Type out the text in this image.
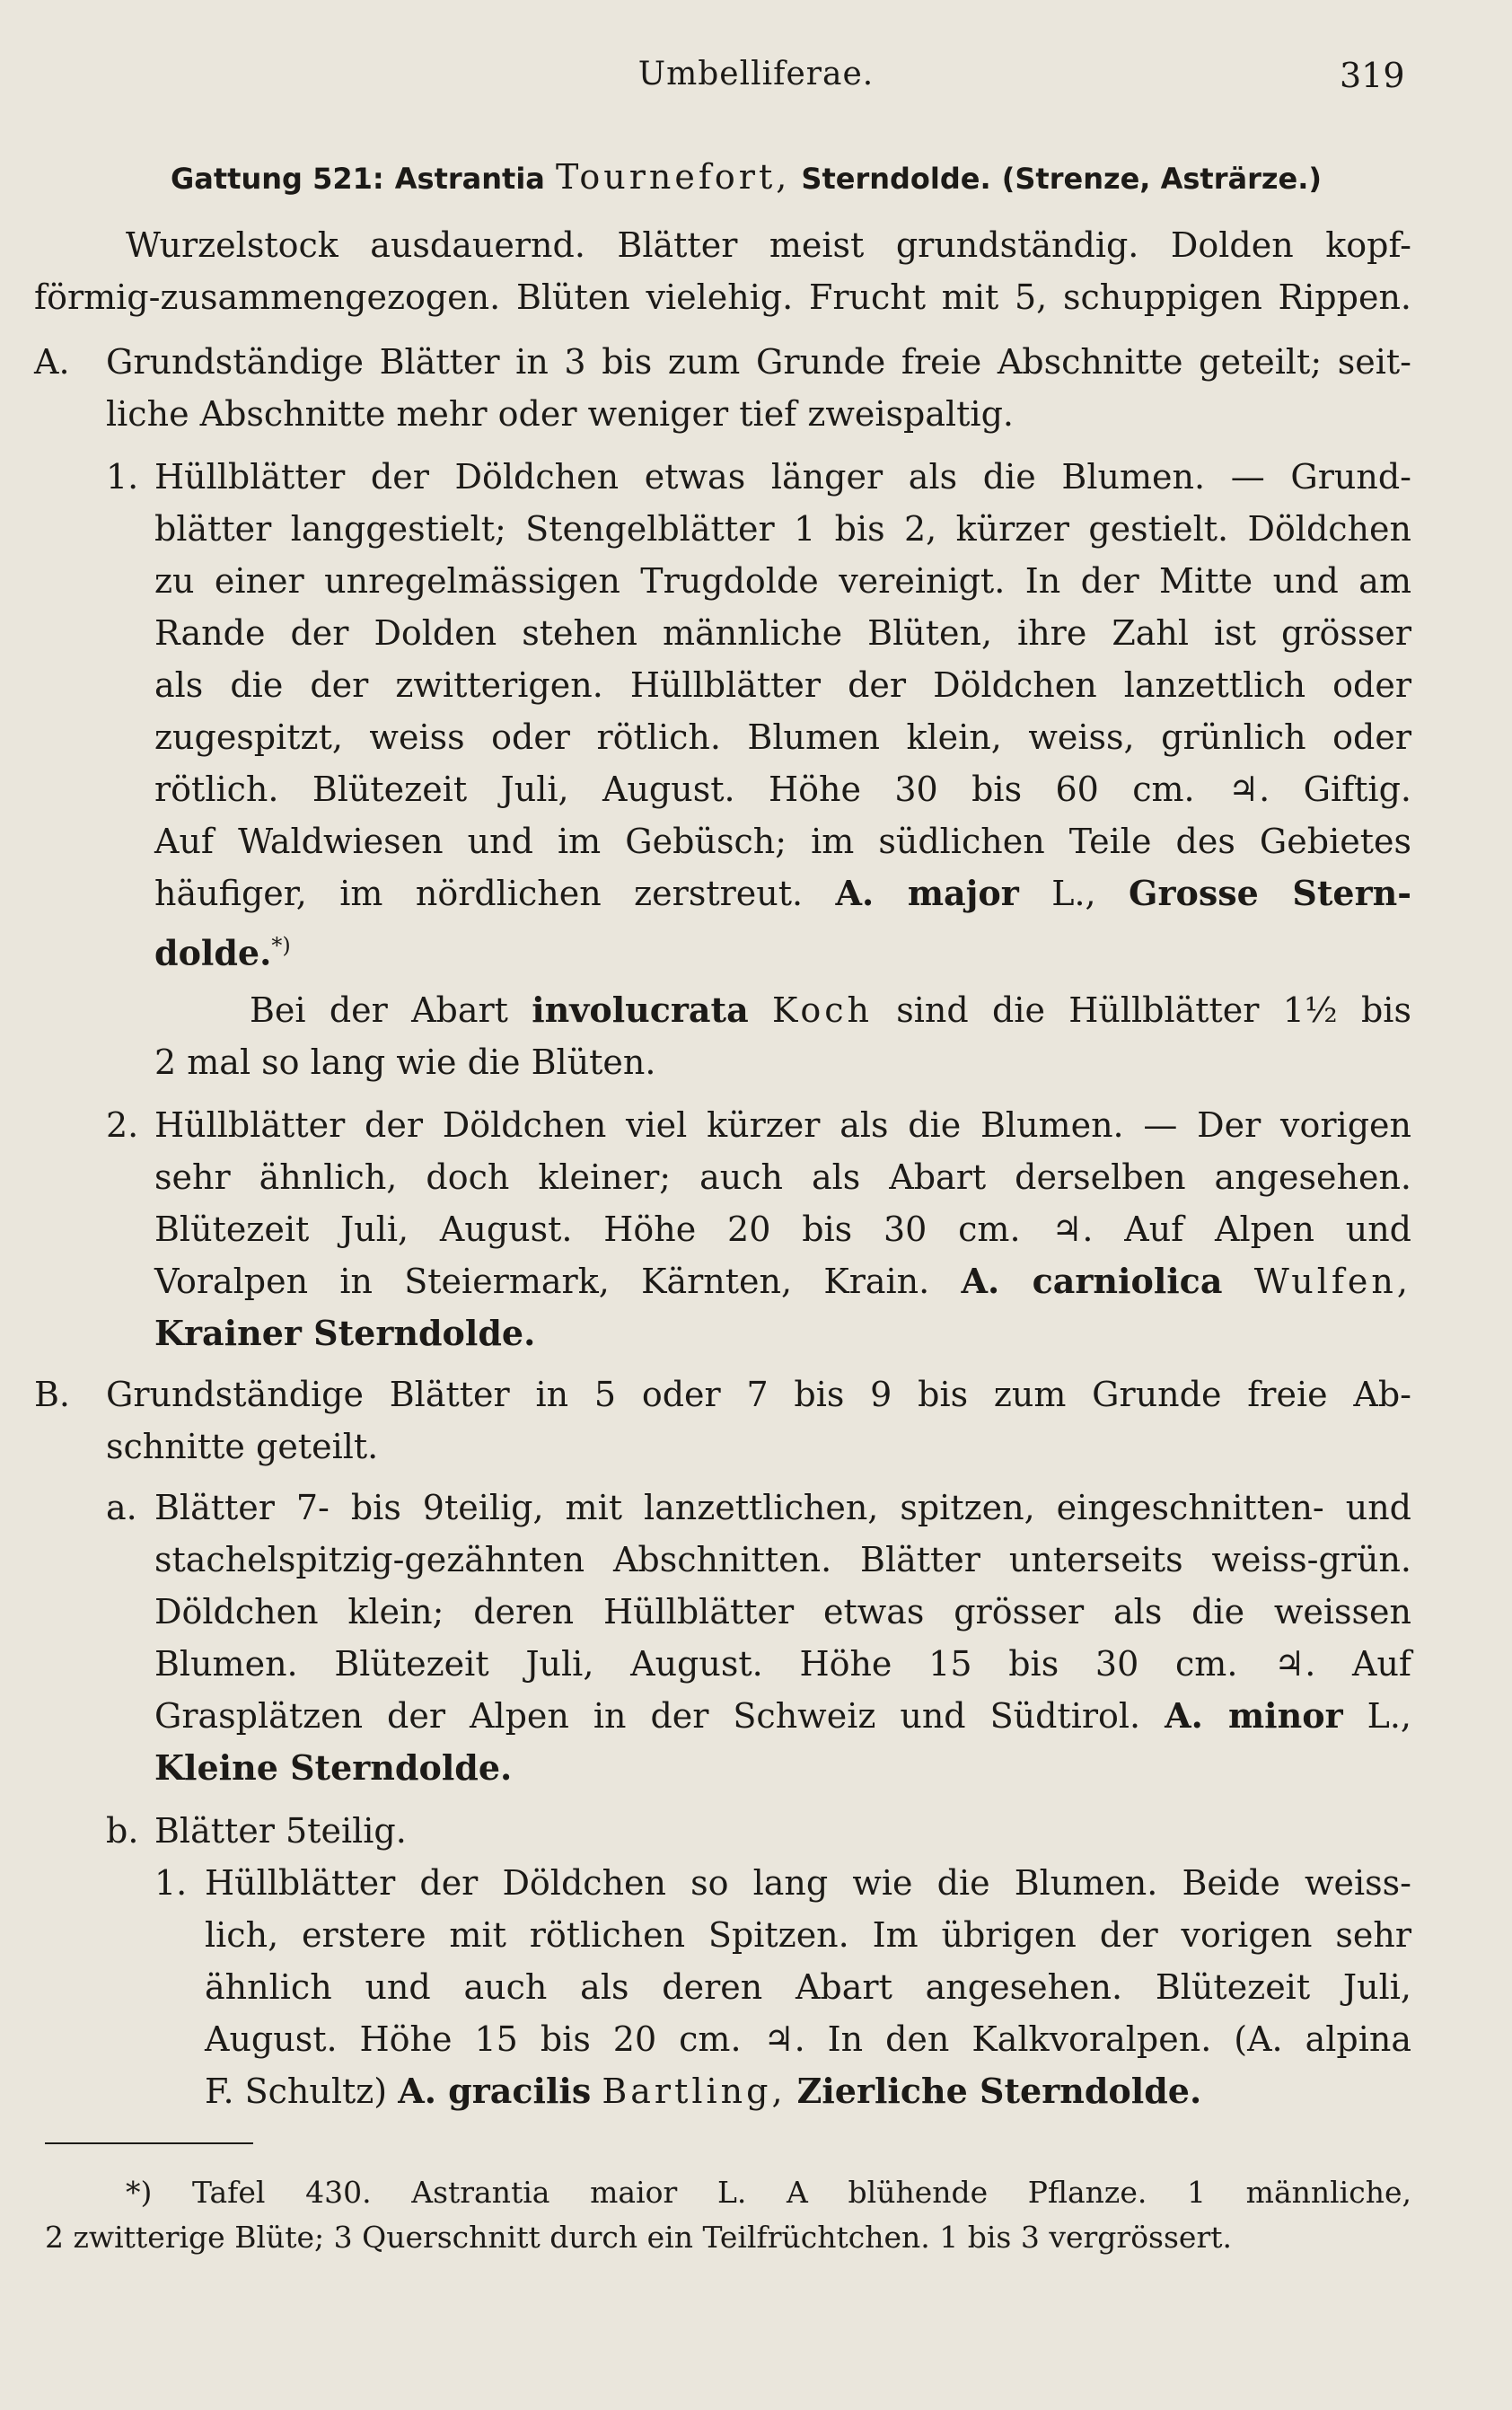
Umbelliferae.	319
Gattung 521: Astrantia Tournefort, Sterndolde. (Strenze, Asträrze.)
Wurzelstock ausdauernd. Blätter meist grundständig. Dolden kopf-
förmig-zusammengezogen. Blüten vielehig. Frucht mit 5, schuppigen Rippen.
A. Grundständige Blätter in 3 bis zum Grunde freie Abschnitte geteilt; seit-
liche Abschnitte mehr oder weniger tief zweispaltig.
1. Hüllblätter der Döldchen etwas länger als die Blumen. — Grund-
blätter langgestielt; Stengelblätter 1 bis 2, kürzer gestielt. Döldchen
zu einer unregelmässigen Trugdolde vereinigt. In der Mitte und am
Rande der Dolden stehen männliche Blüten, ihre Zahl ist grösser
als die der zwitterigen. Hüllblätter der Döldchen lanzettlich oder
zugespitzt, weiss oder rötlich. Blumen klein, weiss, grünlich oder
rötlich. Blütezeit Juli, August. Höhe 30 bis 60 cm. ♃. Giftig.
Auf Waldwiesen und im Gebüsch; im südlichen Teile des Gebietes
häufiger, im nördlichen zerstreut. A. major L., Grosse Stern-
dolde.*)
Bei der Abart involucrata Koch sind die Hüllblätter 1½ bis
2 mal so lang wie die Blüten.
2. Hüllblätter der Döldchen viel kürzer als die Blumen. — Der vorigen
sehr ähnlich, doch kleiner; auch als Abart derselben angesehen.
Blütezeit Juli, August. Höhe 20 bis 30 cm. ♃. Auf Alpen und
Voralpen in Steiermark, Kärnten, Krain. A. carniolica Wulfen,
Krainer Sterndolde.
B. Grundständige Blätter in 5 oder 7 bis 9 bis zum Grunde freie Ab-
schnitte geteilt.
a. Blätter 7- bis 9teilig, mit lanzettlichen, spitzen, eingeschnitten- und
stachelspitzig-gezähnten Abschnitten. Blätter unterseits weiss-grün.
Döldchen klein; deren Hüllblätter etwas grösser als die weissen
Blumen. Blütezeit Juli, August. Höhe 15 bis 30 cm. ♃. Auf
Grasplätzen der Alpen in der Schweiz und Südtirol. A. minor L.,
Kleine Sterndolde.
b. Blätter 5teilig.
1. Hüllblätter der Döldchen so lang wie die Blumen. Beide weiss-
lich, erstere mit rötlichen Spitzen. Im übrigen der vorigen sehr
ähnlich und auch als deren Abart angesehen. Blütezeit Juli,
August. Höhe 15 bis 20 cm. ♃. In den Kalkvoralpen. (A. alpina
F. Schultz) A. gracilis Bartling, Zierliche Sterndolde.
*) Tafel 430. Astrantia maior L. A blühende Pflanze. 1 männliche,
2 zwitterige Blüte; 3 Querschnitt durch ein Teilfrüchtchen. 1 bis 3 vergrössert.
